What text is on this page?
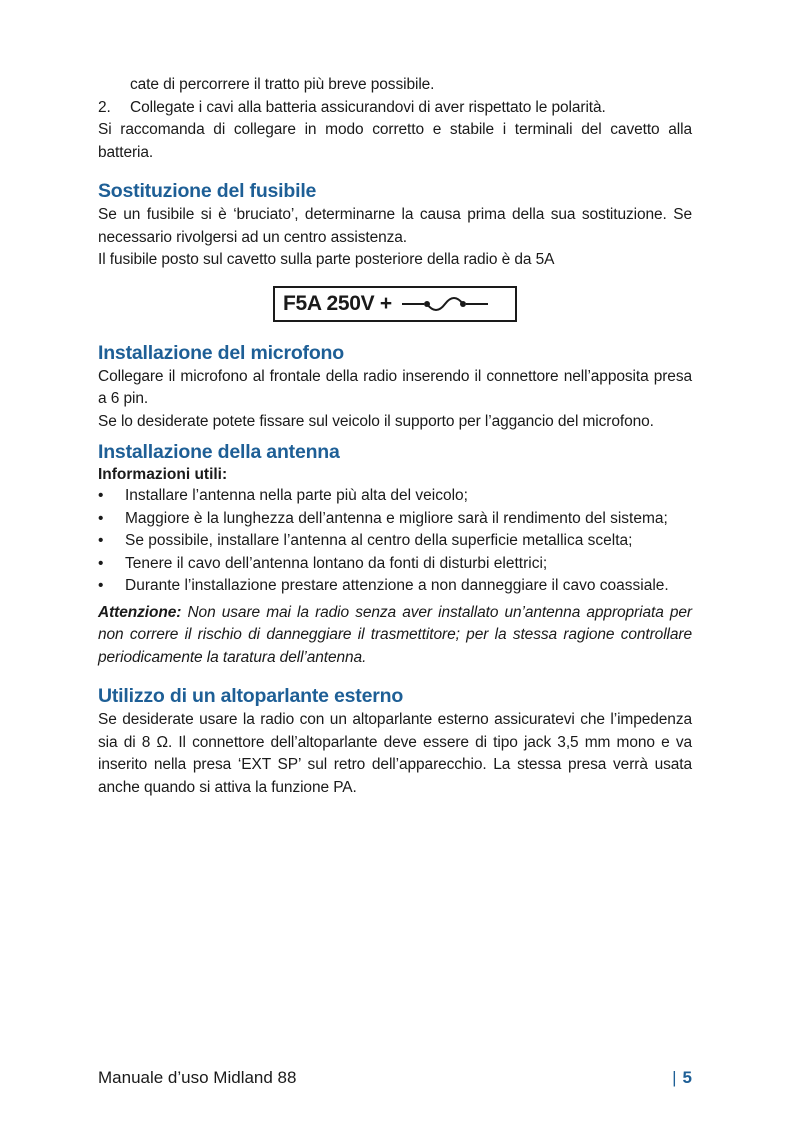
cate di percorrere il tratto più breve possibile.

2. Collegate i cavi alla batteria assicurandovi di aver rispettato le polarità.

Si raccomanda di collegare in modo corretto e stabile i terminali del cavetto alla batteria.

Sostituzione del fusibile

Se un fusibile si è ‘bruciato’, determinarne la causa prima della sua sostituzione. Se necessario rivolgersi ad un centro assistenza.

Il fusibile posto sul cavetto sulla parte posteriore della radio è da 5A

F5A 250V +
Installazione del microfono

Collegare il microfono al frontale della radio inserendo il connettore nell’apposita presa a 6 pin.

Se lo desiderate potete fissare sul veicolo il supporto per l’aggancio del microfono.

Installazione della antenna
Informazioni utili:
• Installare l’antenna nella parte più alta del veicolo;
• Maggiore è la lunghezza dell’antenna e migliore sarà il rendimento del sistema;
• Se possibile, installare l’antenna al centro della superficie metallica scelta;
• Tenere il cavo dell’antenna lontano da fonti di disturbi elettrici;
• Durante l’installazione prestare attenzione a non danneggiare il cavo coassiale.

Attenzione: Non usare mai la radio senza aver installato un’antenna appropriata per non correre il rischio di danneggiare il trasmettitore; per la stessa ragione controllare periodicamente la taratura dell’antenna.

Utilizzo di un altoparlante esterno

Se desiderate usare la radio con un altoparlante esterno assicuratevi che l’impedenza sia di 8 Ω. Il connettore dell’altoparlante deve essere di tipo jack 3,5 mm mono e va inserito nella presa ‘EXT SP’ sul retro dell’apparecchio. La stessa presa verrà usata anche quando si attiva la funzione PA.

Manuale d’uso Midland 88	| 5
